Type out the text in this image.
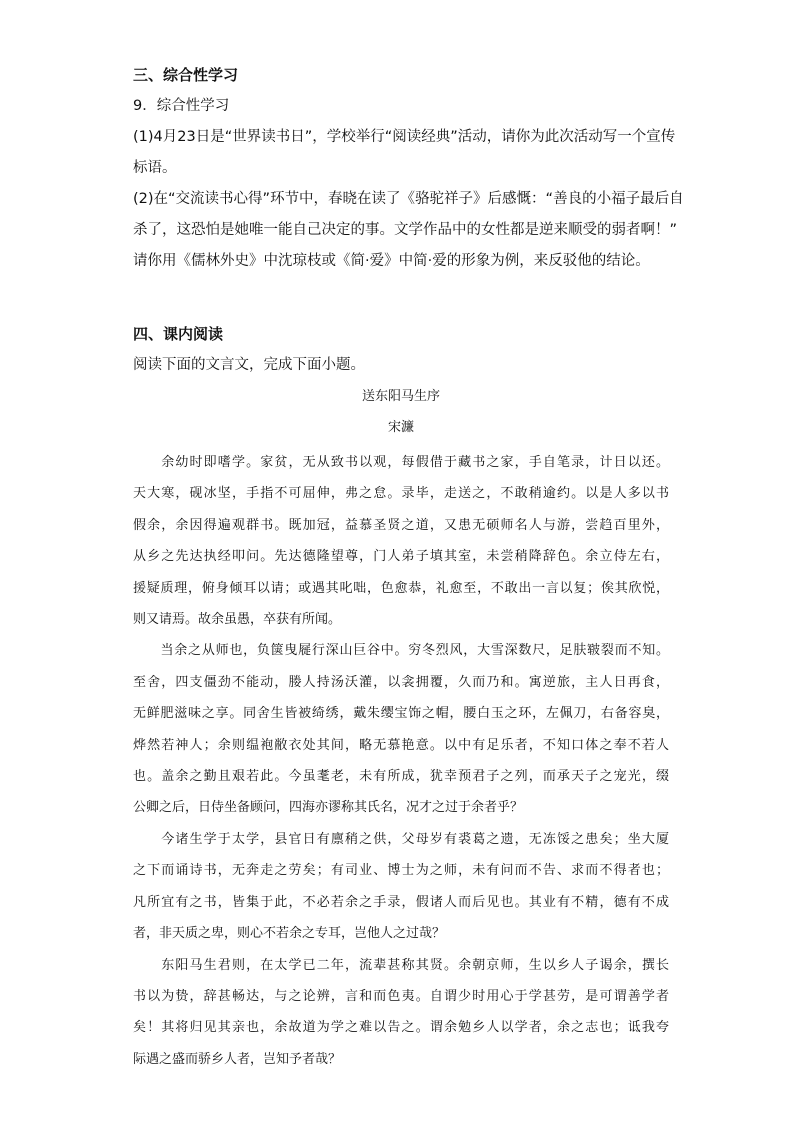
三、综合性学习
9．综合性学习
(1)4月23日是“世界读书日”，学校举行“阅读经典”活动，请你为此次活动写一个宣传
标语。
(2)在“交流读书心得”环节中，春晓在读了《骆驼祥子》后感慨：“善良的小福子最后自
杀了，这恐怕是她唯一能自己决定的事。文学作品中的女性都是逆来顺受的弱者啊！”
请你用《儒林外史》中沈琼枝或《简·爱》中简·爱的形象为例，来反驳他的结论。
四、课内阅读
阅读下面的文言文，完成下面小题。
送东阳马生序
宋濂
　　余幼时即嗜学。家贫，无从致书以观，每假借于藏书之家，手自笔录，计日以还。
天大寒，砚冰坚，手指不可屈伸，弗之怠。录毕，走送之，不敢稍逾约。以是人多以书
假余，余因得遍观群书。既加冠，益慕圣贤之道，又患无硕师名人与游，尝趋百里外，
从乡之先达执经叩问。先达德隆望尊，门人弟子填其室，未尝稍降辞色。余立侍左右，
援疑质理，俯身倾耳以请；或遇其叱咄，色愈恭，礼愈至，不敢出一言以复；俟其欣悦，
则又请焉。故余虽愚，卒获有所闻。
　　当余之从师也，负箧曳屣行深山巨谷中。穷冬烈风，大雪深数尺，足肤皲裂而不知。
至舍，四支僵劲不能动，媵人持汤沃灌，以衾拥覆，久而乃和。寓逆旅，主人日再食，
无鲜肥滋味之享。同舍生皆被绮绣，戴朱缨宝饰之帽，腰白玉之环，左佩刀，右备容臭，
烨然若神人；余则缊袍敝衣处其间，略无慕艳意。以中有足乐者，不知口体之奉不若人
也。盖余之勤且艰若此。今虽耄老，未有所成，犹幸预君子之列，而承天子之宠光，缀
公卿之后，日侍坐备顾问，四海亦谬称其氏名，况才之过于余者乎？
　　今诸生学于太学，县官日有廪稍之供，父母岁有裘葛之遗，无冻馁之患矣；坐大厦
之下而诵诗书，无奔走之劳矣；有司业、博士为之师，未有问而不告、求而不得者也；
凡所宜有之书，皆集于此，不必若余之手录，假诸人而后见也。其业有不精，德有不成
者，非天质之卑，则心不若余之专耳，岂他人之过哉？
　　东阳马生君则，在太学已二年，流辈甚称其贤。余朝京师，生以乡人子谒余，撰长
书以为贽，辞甚畅达，与之论辨，言和而色夷。自谓少时用心于学甚劳，是可谓善学者
矣！其将归见其亲也，余故道为学之难以告之。谓余勉乡人以学者，余之志也；诋我夸
际遇之盛而骄乡人者，岂知予者哉？
